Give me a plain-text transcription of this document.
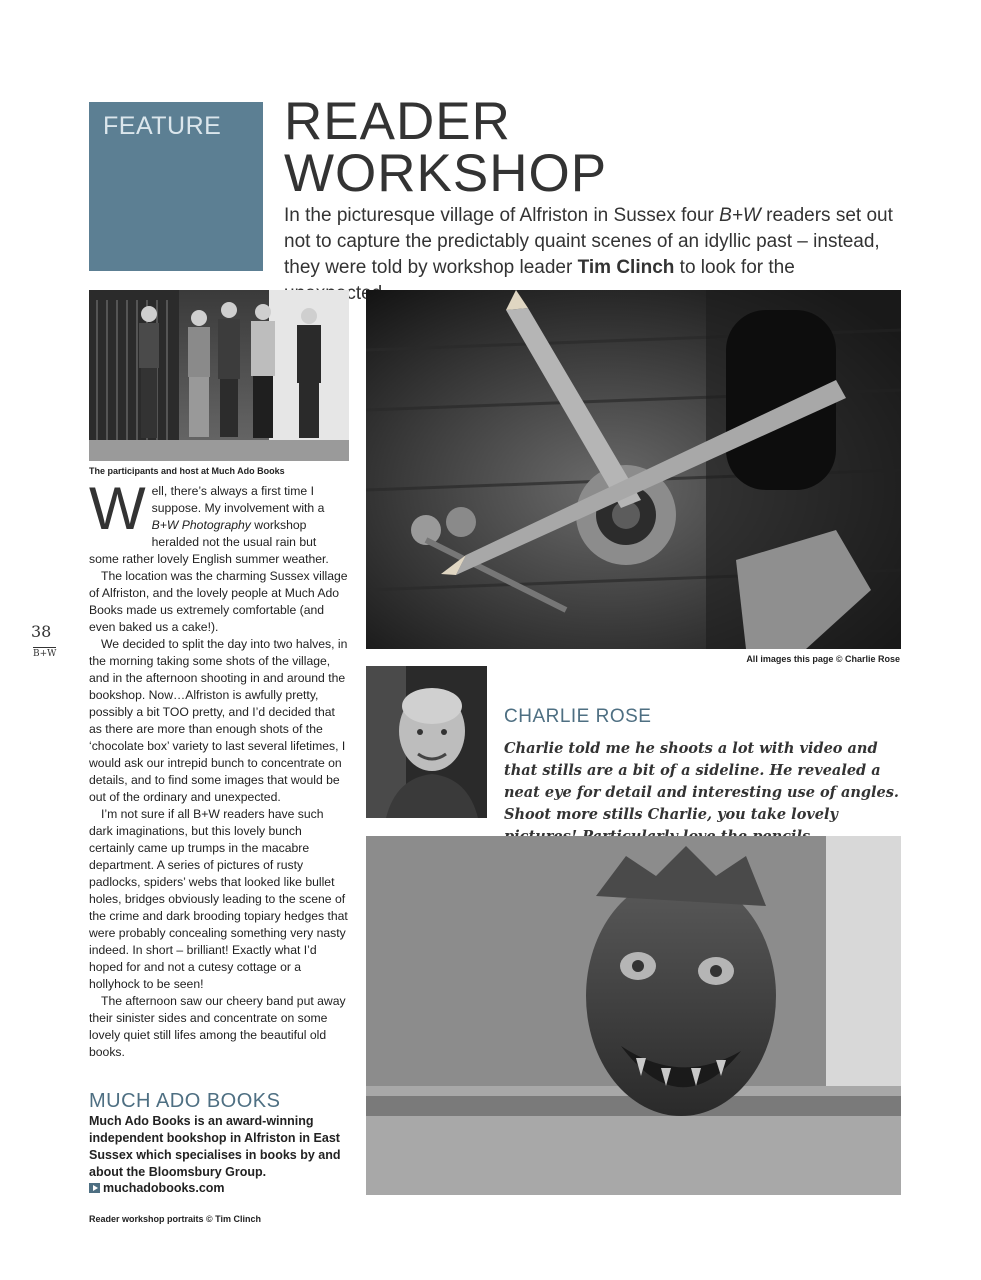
FEATURE READER
WORKSHOP
In the picturesque village of Alfriston in Sussex four B+W readers set out not to capture the predictably quaint scenes of an idyllic past – instead, they were told by workshop leader Tim Clinch to look for the
The participants and host at Much Ado Books
All images this page © Charlie Rose

Well, there’s always a first time I suppose. My involvement with a B+W Photography workshop heralded not the usual rain but some rather lovely English summer weather.

The location was the charming Sussex village of Alfriston, and the lovely people at Much Ado Books made us extremely comfortable (and even baked us a cake!).

We decided to split the day into two halves, in the morning taking some shots of the village, and in the afternoon shooting in and around the bookshop. Now…Alfriston is awfully pretty, possibly a bit TOO pretty, and I’d decided that as there are more than enough shots of the ‘chocolate box’ variety to last several lifetimes, I would ask our intrepid bunch to concentrate on details, and to find some images that would be out of the ordinary and unexpected.

I’m not sure if all B+W readers have such dark imaginations, but this lovely bunch certainly came up trumps in the macabre department. A series of pictures of rusty padlocks, spiders’ webs that looked like bullet holes, bridges obviously leading to the scene of the crime and dark brooding topiary hedges that were probably concealing something very nasty indeed. In short – brilliant! Exactly what I’d hoped for and not a cutesy cottage or a hollyhock to be seen!

The afternoon saw our cheery band put away their sinister sides and concentrate on some lovely quiet still lifes among the beautiful old books.

38
B+W
MUCH ADO BOOKS
Much Ado Books is an award-winning independent bookshop in Alfriston in East Sussex which specialises in books by and about the Bloomsbury Group.
muchadobooks.com
CHARLIE ROSE
Charlie told me he shoots a lot with video and that stills are a bit of a sideline. He revealed a neat eye for detail and interesting use of angles. Shoot more stills Charlie, you take lovely
Reader workshop portraits © Tim Clinch
